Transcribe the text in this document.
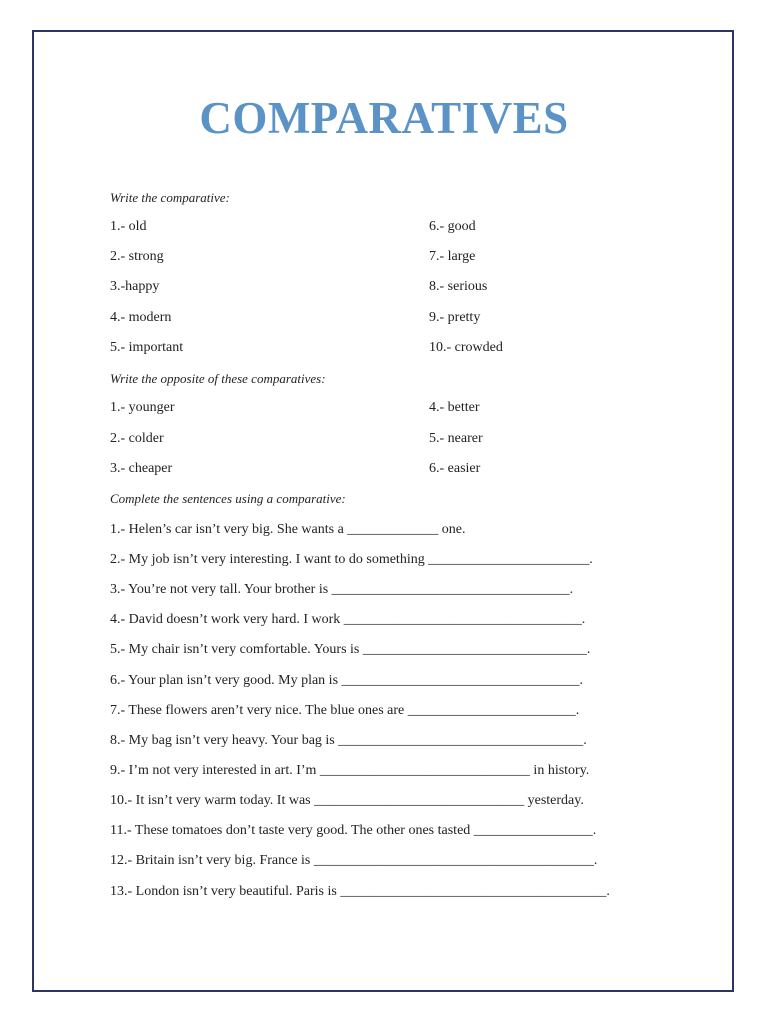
COMPARATIVES
Write the comparative:
1.- old	6.- good
2.- strong	7.- large
3.-happy	8.- serious
4.- modern	9.- pretty
5.- important	10.- crowded
Write the opposite of these comparatives:
1.- younger	4.- better
2.- colder	5.- nearer
3.- cheaper	6.- easier
Complete the sentences using a comparative:
1.- Helen’s car isn’t very big. She wants a _____________ one.
2.- My job isn’t very interesting. I want to do something _______________________.
3.- You’re not very tall. Your brother is __________________________________.
4.- David doesn’t work very hard. I work __________________________________.
5.- My chair isn’t very comfortable. Yours is ________________________________.
6.- Your plan isn’t very good. My plan is __________________________________.
7.- These flowers aren’t very nice. The blue ones are ________________________.
8.- My bag isn’t very heavy. Your bag is ___________________________________.
9.- I’m not very interested in art. I’m ______________________________ in history.
10.- It isn’t very warm today. It was ______________________________ yesterday.
11.- These tomatoes don’t taste very good. The other ones tasted _________________.
12.- Britain isn’t very big. France is ________________________________________.
13.- London isn’t very beautiful. Paris is ______________________________________.
